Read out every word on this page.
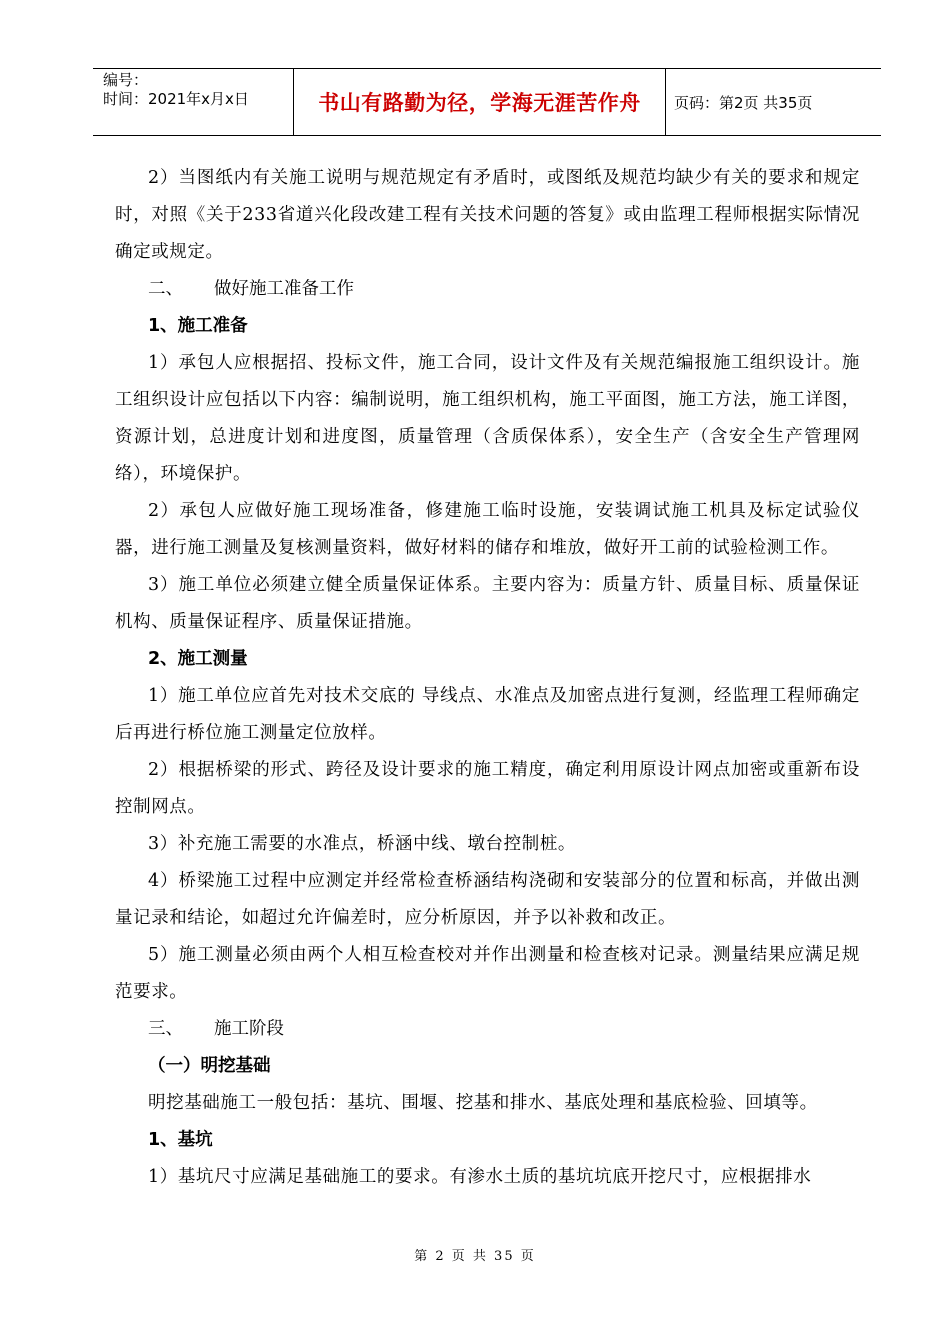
编号：
时间：2021年x月x日	书山有路勤为径，学海无涯苦作舟	页码：第2页 共35页

2）当图纸内有关施工说明与规范规定有矛盾时，或图纸及规范均缺少有关的要求和规定时，对照《关于233省道兴化段改建工程有关技术问题的答复》或由监理工程师根据实际情况确定或规定。

二、 做好施工准备工作

1、施工准备

1）承包人应根据招、投标文件，施工合同，设计文件及有关规范编报施工组织设计。施工组织设计应包括以下内容：编制说明，施工组织机构，施工平面图，施工方法，施工详图，资源计划，总进度计划和进度图，质量管理（含质保体系），安全生产（含安全生产管理网络），环境保护。

2）承包人应做好施工现场准备，修建施工临时设施，安装调试施工机具及标定试验仪器，进行施工测量及复核测量资料，做好材料的储存和堆放，做好开工前的试验检测工作。

3）施工单位必须建立健全质量保证体系。主要内容为：质量方针、质量目标、质量保证机构、质量保证程序、质量保证措施。

2、施工测量

1）施工单位应首先对技术交底的 导线点、水准点及加密点进行复测，经监理工程师确定后再进行桥位施工测量定位放样。

2）根据桥梁的形式、跨径及设计要求的施工精度，确定利用原设计网点加密或重新布设控制网点。

3）补充施工需要的水准点，桥涵中线、墩台控制桩。

4）桥梁施工过程中应测定并经常检查桥涵结构浇砌和安装部分的位置和标高，并做出测量记录和结论，如超过允许偏差时，应分析原因，并予以补救和改正。

5）施工测量必须由两个人相互检查校对并作出测量和检查核对记录。测量结果应满足规范要求。

三、 施工阶段

（一）明挖基础

明挖基础施工一般包括：基坑、围堰、挖基和排水、基底处理和基底检验、回填等。

1、基坑

1）基坑尺寸应满足基础施工的要求。有渗水土质的基坑坑底开挖尺寸，应根据排水

第 2 页 共 35 页
